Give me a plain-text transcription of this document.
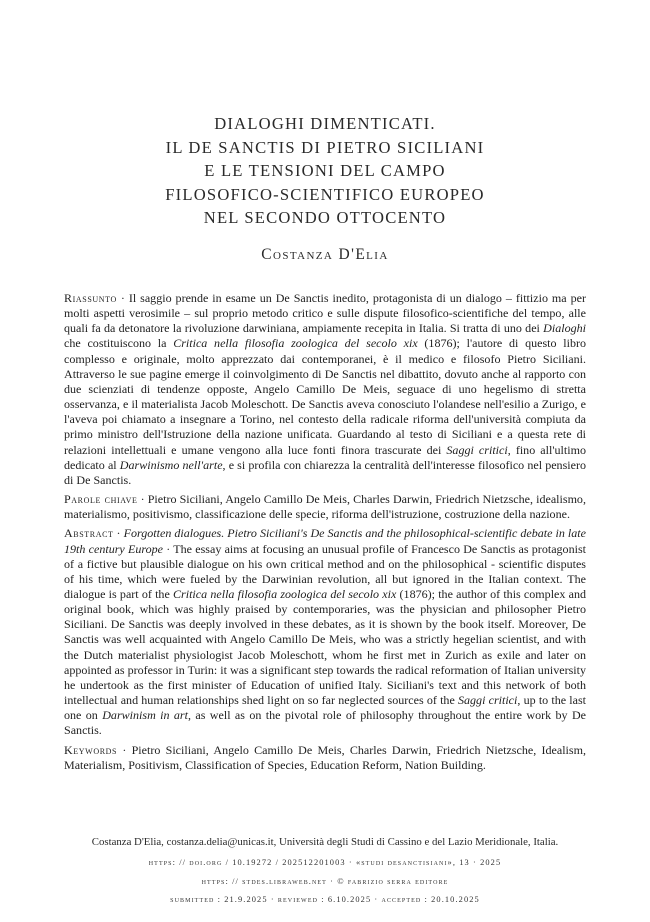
DIALOGHI DIMENTICATI.
IL DE SANCTIS DI PIETRO SICILIANI
E LE TENSIONI DEL CAMPO
FILOSOFICO-SCIENTIFICO EUROPEO
NEL SECONDO OTTOCENTO
Costanza D'Elia

Riassunto · Il saggio prende in esame un De Sanctis inedito, protagonista di un dialogo – fittizio ma per molti aspetti verosimile – sul proprio metodo critico e sulle dispute filosofico-scientifiche del tempo, alle quali fa da detonatore la rivoluzione darwiniana, ampiamente recepita in Italia. Si tratta di uno dei Dialoghi che costituiscono la Critica nella filosofia zoologica del secolo xix (1876); l'autore di questo libro complesso e originale, molto apprezzato dai contemporanei, è il medico e filosofo Pietro Siciliani. Attraverso le sue pagine emerge il coinvolgimento di De Sanctis nel dibattito, dovuto anche al rapporto con due scienziati di tendenze opposte, Angelo Camillo De Meis, seguace di uno hegelismo di stretta osservanza, e il materialista Jacob Moleschott. De Sanctis aveva conosciuto l'olandese nell'esilio a Zurigo, e l'aveva poi chiamato a insegnare a Torino, nel contesto della radicale riforma dell'università compiuta da primo ministro dell'Istruzione della nazione unificata. Guardando al testo di Siciliani e a questa rete di relazioni intellettuali e umane vengono alla luce fonti finora trascurate dei Saggi critici, fino all'ultimo dedicato al Darwinismo nell'arte, e si profila con chiarezza la centralità dell'interesse filosofico nel pensiero di De Sanctis.

Parole chiave · Pietro Siciliani, Angelo Camillo De Meis, Charles Darwin, Friedrich Nietzsche, idealismo, materialismo, positivismo, classificazione delle specie, riforma dell'istruzione, costruzione della nazione.

Abstract · Forgotten dialogues. Pietro Siciliani's De Sanctis and the philosophical-scientific debate in late 19th century Europe · The essay aims at focusing an unusual profile of Francesco De Sanctis as protagonist of a fictive but plausible dialogue on his own critical method and on the philosophical - scientific disputes of his time, which were fueled by the Darwinian revolution, all but ignored in the Italian context. The dialogue is part of the Critica nella filosofia zoologica del secolo xix (1876); the author of this complex and original book, which was highly praised by contemporaries, was the physician and philosopher Pietro Siciliani. De Sanctis was deeply involved in these debates, as it is shown by the book itself. Moreover, De Sanctis was well acquainted with Angelo Camillo De Meis, who was a strictly hegelian scientist, and with the Dutch materialist physiologist Jacob Moleschott, whom he first met in Zurich as exile and later on appointed as professor in Turin: it was a significant step towards the radical reformation of Italian university he undertook as the first minister of Education of unified Italy. Siciliani's text and this network of both intellectual and human relationships shed light on so far neglected sources of the Saggi critici, up to the last one on Darwinism in art, as well as on the pivotal role of philosophy throughout the entire work by De Sanctis.

Keywords · Pietro Siciliani, Angelo Camillo De Meis, Charles Darwin, Friedrich Nietzsche, Idealism, Materialism, Positivism, Classification of Species, Education Reform, Nation Building.

Costanza D'Elia, costanza.delia@unicas.it, Università degli Studi di Cassino e del Lazio Meridionale, Italia.
https: // doi.org / 10.19272 / 202512201003 · «studi desanctisiani», 13 · 2025
https: // stdes.libraweb.net · © fabrizio serra editore
submitted : 21.9.2025 · reviewed : 6.10.2025 · accepted : 20.10.2025
